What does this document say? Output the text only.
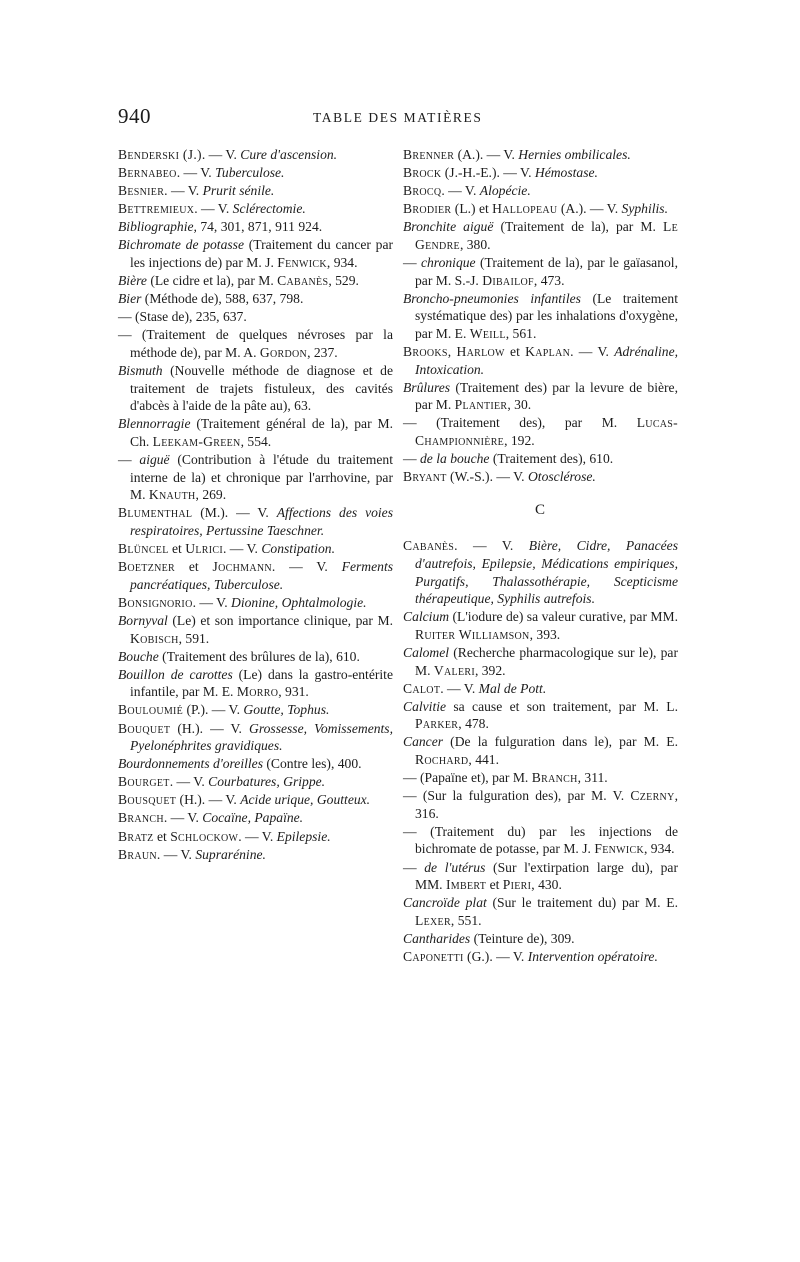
940	TABLE DES MATIÈRES
Benderski (J.). — V. Cure d'ascension.
Bernabeo. — V. Tuberculose.
Besnier. — V. Prurit sénile.
Bettremieux. — V. Sclérectomie.
Bibliographie, 74, 301, 871, 911 924.
Bichromate de potasse (Traitement du cancer par les injections de) par M. J. Fenwick, 934.
Bière (Le cidre et la), par M. Cabanès, 529.
Bier (Méthode de), 588, 637, 798.
— (Stase de), 235, 637.
— (Traitement de quelques névroses par la méthode de), par M. A. Gordon, 237.
Bismuth (Nouvelle méthode de diagnose et de traitement de trajets fistuleux, des cavités d'abcès à l'aide de la pâte au), 63.
Blennorragie (Traitement général de la), par M. Ch. Leekam-Green, 554.
— aiguë (Contribution à l'étude du traitement interne de la) et chronique par l'arrhovine, par M. Knauth, 269.
Blumenthal (M.). — V. Affections des voies respiratoires, Pertussine Taeschner.
Blüncel et Ulrici. — V. Constipation.
Boetzner et Jochmann. — V. Ferments pancréatiques, Tuberculose.
Bonsignorio. — V. Dionine, Ophtalmologie.
Bornyval (Le) et son importance clinique, par M. Kobisch, 591.
Bouche (Traitement des brûlures de la), 610.
Bouillon de carottes (Le) dans la gastro-entérite infantile, par M. E. Morro, 931.
Bouloumié (P.). — V. Goutte, Tophus.
Bouquet (H.). — V. Grossesse, Vomissements, Pyelonéphrites gravidiques.
Bourdonnements d'oreilles (Contre les), 400.
Bourget. — V. Courbatures, Grippe.
Bousquet (H.). — V. Acide urique, Goutteux.
Branch. — V. Cocaïne, Papaïne.
Bratz et Schlockow. — V. Epilepsie.
Braun. — V. Suprarénine.
Brenner (A.). — V. Hernies ombilicales.
Brock (J.-H.-E.). — V. Hémostase.
Brocq. — V. Alopécie.
Brodier (L.) et Hallopeau (A.). — V. Syphilis.
Bronchite aiguë (Traitement de la), par M. Le Gendre, 380.
— chronique (Traitement de la), par le gaïasanol, par M. S.-J. Dibailof, 473.
Broncho-pneumonies infantiles (Le traitement systématique des) par les inhalations d'oxygène, par M. E. Weill, 561.
Brooks, Harlow et Kaplan. — V. Adrénaline, Intoxication.
Brûlures (Traitement des) par la levure de bière, par M. Plantier, 30.
— (Traitement des), par M. Lucas-Championnière, 192.
— de la bouche (Traitement des), 610.
Bryant (W.-S.). — V. Otosclérose.
C
Cabanès. — V. Bière, Cidre, Panacées d'autrefois, Epilepsie, Médications empiriques, Purgatifs, Thalassothérapie, Scepticisme thérapeutique, Syphilis autrefois.
Calcium (L'iodure de) sa valeur curative, par MM. Ruiter Williamson, 393.
Calomel (Recherche pharmacologique sur le), par M. Valeri, 392.
Calot. — V. Mal de Pott.
Calvitie sa cause et son traitement, par M. L. Parker, 478.
Cancer (De la fulguration dans le), par M. E. Rochard, 441.
— (Papaïne et), par M. Branch, 311.
— (Sur la fulguration des), par M. V. Czerny, 316.
— (Traitement du) par les injections de bichromate de potasse, par M. J. Fenwick, 934.
— de l'utérus (Sur l'extirpation large du), par MM. Imbert et Pieri, 430.
Cancroïde plat (Sur le traitement du) par M. E. Lexer, 551.
Cantharides (Teinture de), 309.
Caponetti (G.). — V. Intervention opératoire.
